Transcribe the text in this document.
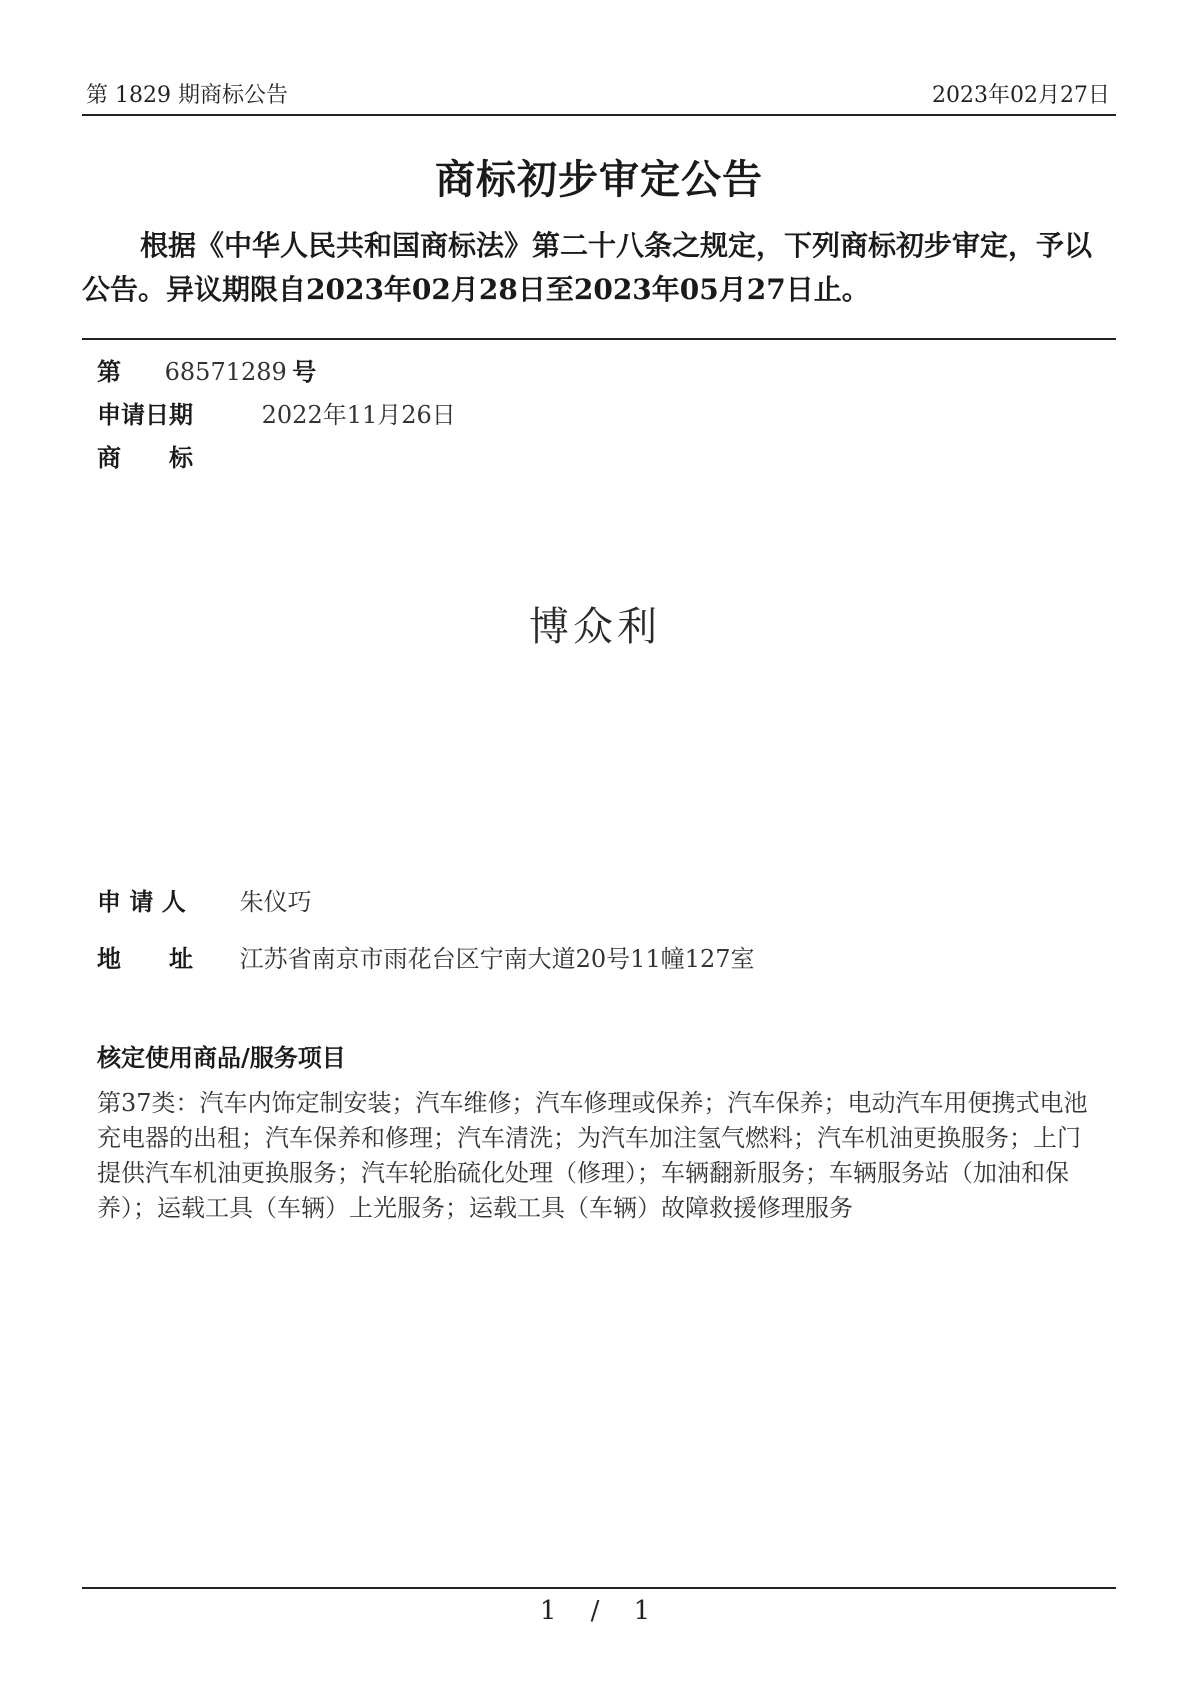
第 1829 期商标公告	2023年02月27日
商标初步审定公告
根据《中华人民共和国商标法》第二十八条之规定，下列商标初步审定，予以公告。异议期限自2023年02月28日至2023年05月27日止。
第 68571289 号
申请日期	2022年11月26日
商　　标
博众利
申 请 人 朱仪巧
地　　址 江苏省南京市雨花台区宁南大道20号11幢127室
核定使用商品/服务项目
第37类：汽车内饰定制安装；汽车维修；汽车修理或保养；汽车保养；电动汽车用便携式电池充电器的出租；汽车保养和修理；汽车清洗；为汽车加注氢气燃料；汽车机油更换服务；上门提供汽车机油更换服务；汽车轮胎硫化处理（修理）；车辆翻新服务；车辆服务站（加油和保养）；运载工具（车辆）上光服务；运载工具（车辆）故障救援修理服务
1 / 1
